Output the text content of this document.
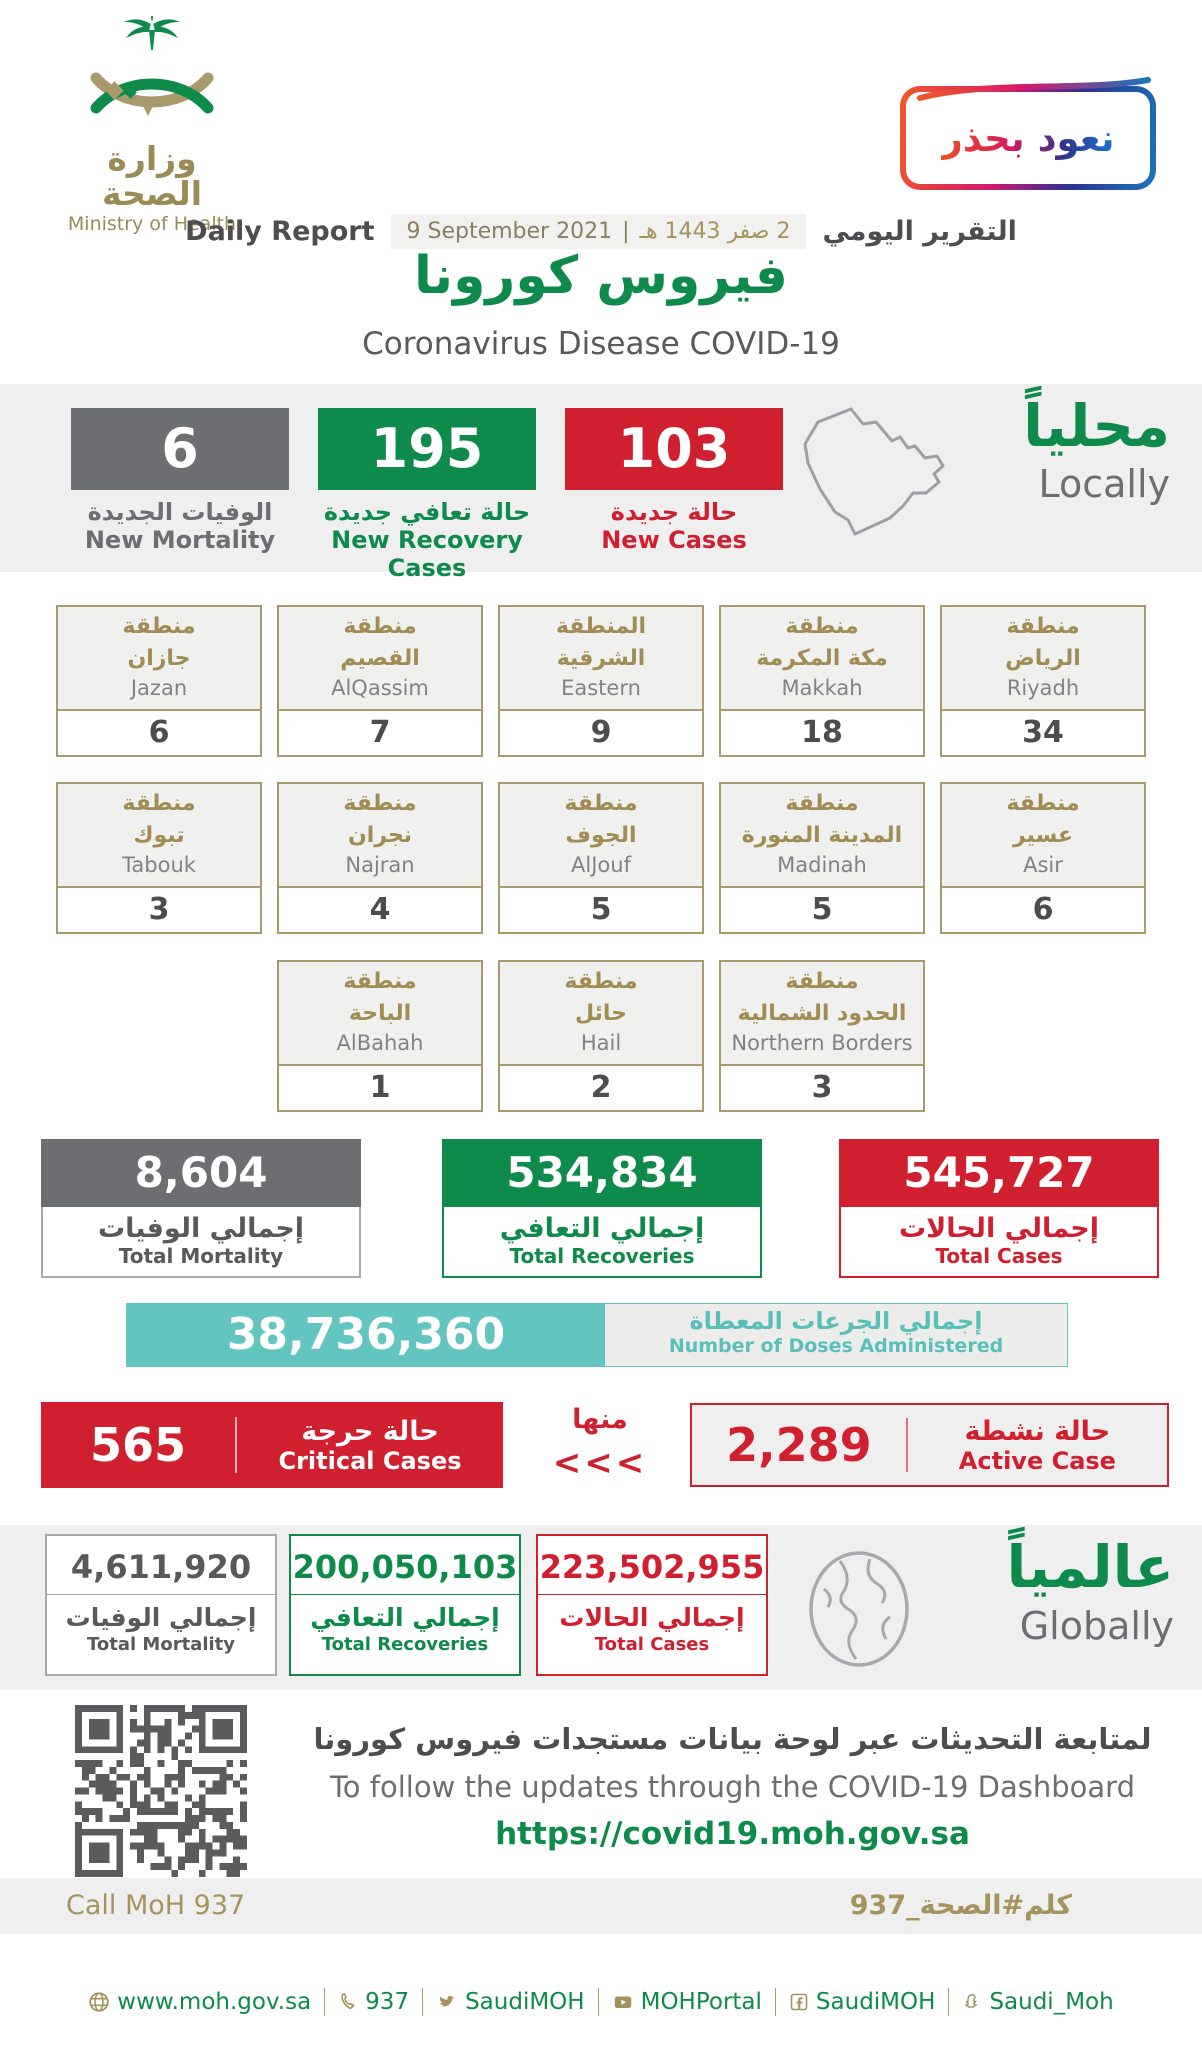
وزارة الصحة
Ministry of Health
نعود بحذر
Daily Report 9 September 2021 | 2 صفر 1443 هـ التقرير اليومي
فيروس كورونا
Coronavirus Disease COVID-19
6
الوفيات الجديدة
New Mortality
195
حالة تعافي جديدة
New Recovery Cases
103
حالة جديدة
New Cases
محلياً
Locally
منطقة
جازان
Jazan
6
منطقة
القصيم
AlQassim
7
المنطقة
الشرقية
Eastern
9
منطقة
مكة المكرمة
Makkah
18
منطقة
الرياض
Riyadh
34
منطقة
تبوك
Tabouk
3
منطقة
نجران
Najran
4
منطقة
الجوف
AlJouf
5
منطقة
المدينة المنورة
Madinah
5
منطقة
عسير
Asir
6
منطقة
الباحة
AlBahah
1
منطقة
حائل
Hail
2
منطقة
الحدود الشمالية
Northern Borders
3
8,604
إجمالي الوفيات
Total Mortality
534,834
إجمالي التعافي
Total Recoveries
545,727
إجمالي الحالات
Total Cases
38,736,360	إجمالي الجرعات المعطاة
Number of Doses Administered
565	حالة حرجة
Critical Cases
منها
<<<	2,289	حالة نشطة
Active Case
4,611,920
إجمالي الوفيات
Total Mortality
200,050,103
إجمالي التعافي
Total Recoveries
223,502,955
إجمالي الحالات
Total Cases
عالمياً
Globally
لمتابعة التحديثات عبر لوحة بيانات مستجدات فيروس كورونا
To follow the updates through the COVID-19 Dashboard
https://covid19.moh.gov.sa
Call MoH 937	كلم#الصحة_937
www.moh.gov.sa 937 SaudiMOH MOHPortal SaudiMOH Saudi_Moh
